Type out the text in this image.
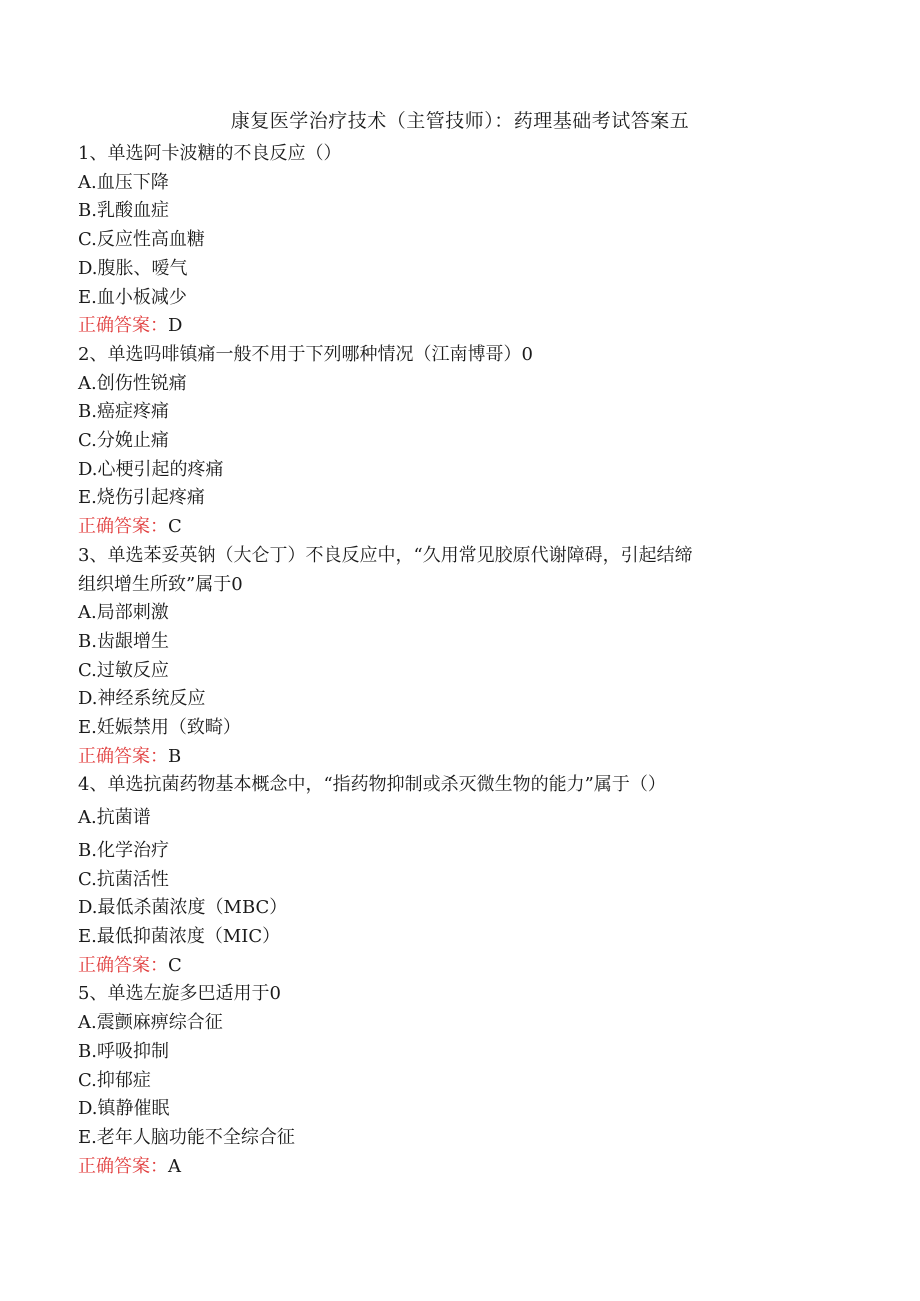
康复医学治疗技术（主管技师）：药理基础考试答案五

1、单选阿卡波糖的不良反应（）

A.血压下降

B.乳酸血症

C.反应性高血糖

D.腹胀、嗳气

E.血小板减少

正确答案：D

2、单选吗啡镇痛一般不用于下列哪种情况（江南博哥）0

A.创伤性锐痛

B.癌症疼痛

C.分娩止痛

D.心梗引起的疼痛

E.烧伤引起疼痛

正确答案：C

3、单选苯妥英钠（大仑丁）不良反应中，“久用常见胶原代谢障碍，引起结缔

组织增生所致”属于0

A.局部刺激

B.齿龈增生

C.过敏反应

D.神经系统反应

E.妊娠禁用（致畸）

正确答案：B

4、单选抗菌药物基本概念中，“指药物抑制或杀灭微生物的能力”属于（）

A.抗菌谱

B.化学治疗

C.抗菌活性

D.最低杀菌浓度（MBC）

E.最低抑菌浓度（MIC）

正确答案：C

5、单选左旋多巴适用于0

A.震颤麻痹综合征

B.呼吸抑制

C.抑郁症

D.镇静催眠

E.老年人脑功能不全综合征

正确答案：A
